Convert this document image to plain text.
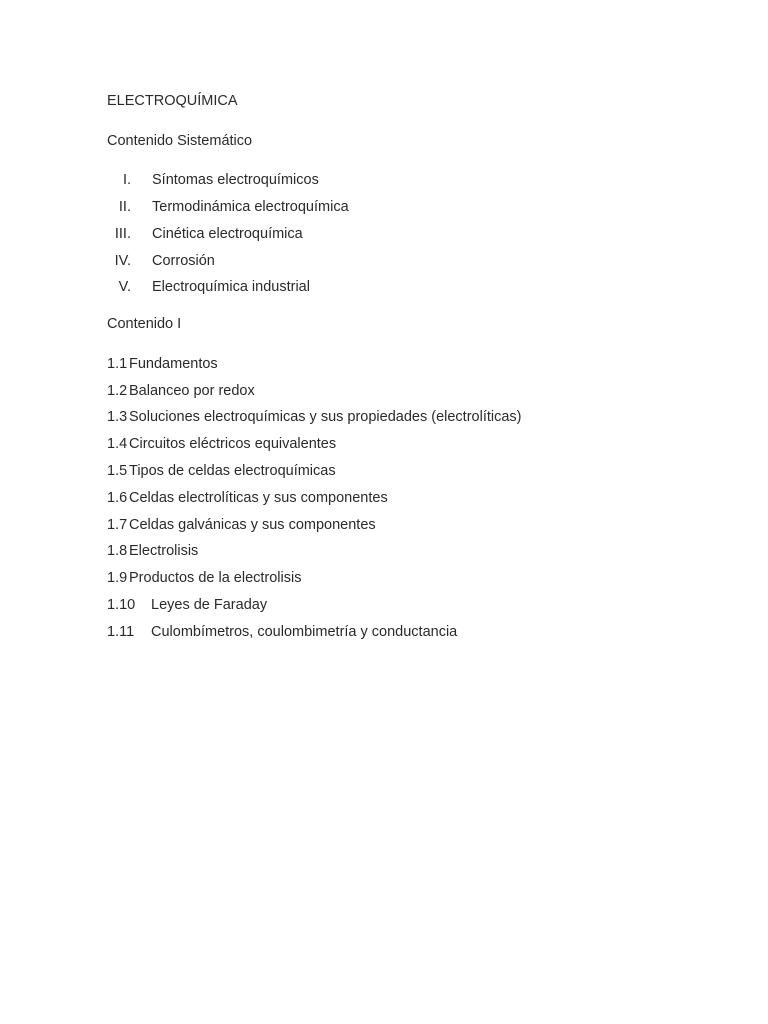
ELECTROQUÍMICA
Contenido Sistemático
I. Síntomas electroquímicos
II. Termodinámica electroquímica
III. Cinética electroquímica
IV. Corrosión
V. Electroquímica industrial
Contenido I
1.1 Fundamentos
1.2 Balanceo por redox
1.3 Soluciones electroquímicas y sus propiedades (electrolíticas)
1.4 Circuitos eléctricos equivalentes
1.5 Tipos de celdas electroquímicas
1.6 Celdas electrolíticas y sus componentes
1.7 Celdas galvánicas y sus componentes
1.8 Electrolisis
1.9 Productos de la electrolisis
1.10 Leyes de Faraday
1.11 Culombímetros, coulombimetría y conductancia
